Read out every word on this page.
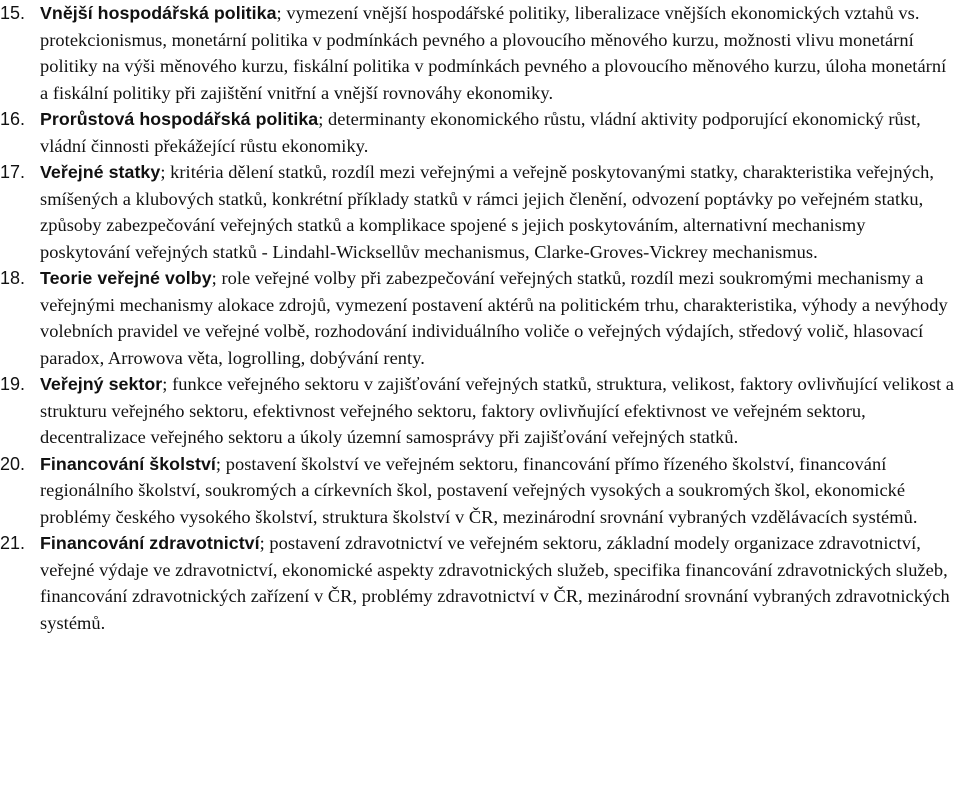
15. Vnější hospodářská politika; vymezení vnější hospodářské politiky, liberalizace vnějších ekonomických vztahů vs. protekcionismus, monetární politika v podmínkách pevného a plovoucího měnového kurzu, možnosti vlivu monetární politiky na výši měnového kurzu, fiskální politika v podmínkách pevného a plovoucího měnového kurzu, úloha monetární a fiskální politiky při zajištění vnitřní a vnější rovnováhy ekonomiky.
16. Prorůstová hospodářská politika; determinanty ekonomického růstu, vládní aktivity podporující ekonomický růst, vládní činnosti překážející růstu ekonomiky.
17. Veřejné statky; kritéria dělení statků, rozdíl mezi veřejnými a veřejně poskytovanými statky, charakteristika veřejných, smíšených a klubových statků, konkrétní příklady statků v rámci jejich členění, odvození poptávky po veřejném statku, způsoby zabezpečování veřejných statků a komplikace spojené s jejich poskytováním, alternativní mechanismy poskytování veřejných statků - Lindahl-Wicksellův mechanismus, Clarke-Groves-Vickrey mechanismus.
18. Teorie veřejné volby; role veřejné volby při zabezpečování veřejných statků, rozdíl mezi soukromými mechanismy a veřejnými mechanismy alokace zdrojů, vymezení postavení aktérů na politickém trhu, charakteristika, výhody a nevýhody volebních pravidel ve veřejné volbě, rozhodování individuálního voliče o veřejných výdajích, středový volič, hlasovací paradox, Arrowova věta, logrolling, dobývání renty.
19. Veřejný sektor; funkce veřejného sektoru v zajišťování veřejných statků, struktura, velikost, faktory ovlivňující velikost a strukturu veřejného sektoru, efektivnost veřejného sektoru, faktory ovlivňující efektivnost ve veřejném sektoru, decentralizace veřejného sektoru a úkoly územní samosprávy při zajišťování veřejných statků.
20. Financování školství; postavení školství ve veřejném sektoru, financování přímo řízeného školství, financování regionálního školství, soukromých a církevních škol, postavení veřejných vysokých a soukromých škol, ekonomické problémy českého vysokého školství, struktura školství v ČR, mezinárodní srovnání vybraných vzdělávacích systémů.
21. Financování zdravotnictví; postavení zdravotnictví ve veřejném sektoru, základní modely organizace zdravotnictví, veřejné výdaje ve zdravotnictví, ekonomické aspekty zdravotnických služeb, specifika financování zdravotnických služeb, financování zdravotnických zařízení v ČR, problémy zdravotnictví v ČR, mezinárodní srovnání vybraných zdravotnických systémů.
